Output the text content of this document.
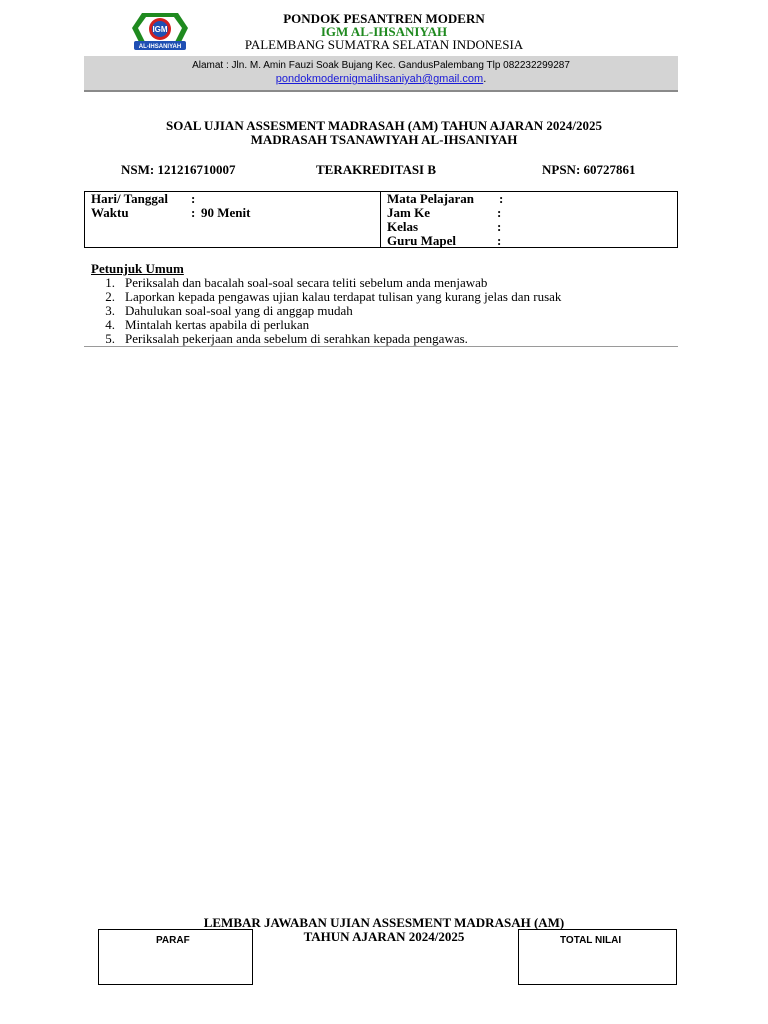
IGM
AL-IHSANIYAH
PONDOK PESANTREN MODERN
IGM AL-IHSANIYAH
PALEMBANG SUMATRA SELATAN INDONESIA
Alamat : Jln. M. Amin Fauzi Soak Bujang Kec. GandusPalembang Tlp 082232299287
pondokmodernigmalihsaniyah@gmail.com.
SOAL UJIAN ASSESMENT MADRASAH (AM) TAHUN AJARAN 2024/2025
MADRASAH TSANAWIYAH AL-IHSANIYAH
NSM: 121216710007	TERAKREDITASI B	NPSN: 60727861
Hari/ Tanggal :
Waktu	: 90 Menit
Mata Pelajaran :
Jam Ke	:
Kelas	:
Guru Mapel	:
Petunjuk Umum
1. Periksalah dan bacalah soal-soal secara teliti sebelum anda menjawab
2. Laporkan kepada pengawas ujian kalau terdapat tulisan yang kurang jelas dan rusak
3. Dahulukan soal-soal yang di anggap mudah
4. Mintalah kertas apabila di perlukan
5. Periksalah pekerjaan anda sebelum di serahkan kepada pengawas.
LEMBAR JAWABAN UJIAN ASSESMENT MADRASAH (AM)
TAHUN AJARAN 2024/2025
PARAF	TOTAL NILAI
